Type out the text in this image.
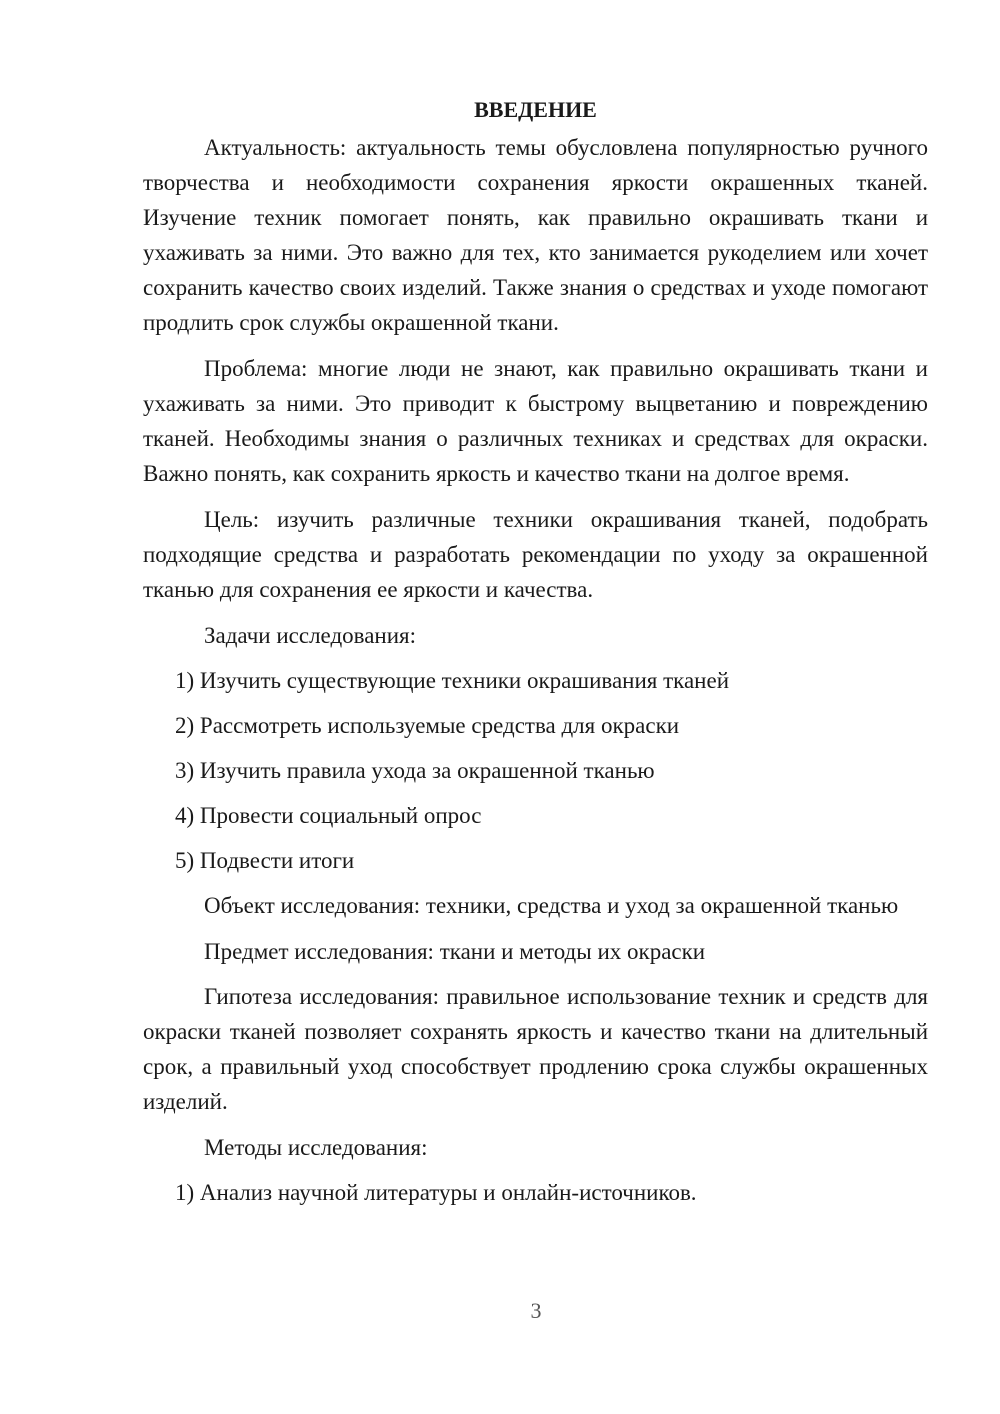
ВВЕДЕНИЕ

Актуальность: актуальность темы обусловлена популярностью ручного творчества и необходимости сохранения яркости окрашенных тканей. Изучение техник помогает понять, как правильно окрашивать ткани и ухаживать за ними. Это важно для тех, кто занимается рукоделием или хочет сохранить качество своих изделий. Также знания о средствах и уходе помогают продлить срок службы окрашенной ткани.

Проблема: многие люди не знают, как правильно окрашивать ткани и ухаживать за ними. Это приводит к быстрому выцветанию и повреждению тканей. Необходимы знания о различных техниках и средствах для окраски. Важно понять, как сохранить яркость и качество ткани на долгое время.

Цель: изучить различные техники окрашивания тканей, подобрать подходящие средства и разработать рекомендации по уходу за окрашенной тканью для сохранения ее яркости и качества.

Задачи исследования:

1) Изучить существующие техники окрашивания тканей

2) Рассмотреть используемые средства для окраски

3) Изучить правила ухода за окрашенной тканью

4) Провести социальный опрос

5) Подвести итоги

Объект исследования: техники, средства и уход за окрашенной тканью

Предмет исследования: ткани и методы их окраски

Гипотеза исследования: правильное использование техник и средств для окраски тканей позволяет сохранять яркость и качество ткани на длительный срок, а правильный уход способствует продлению срока службы окрашенных изделий.

Методы исследования:

1) Анализ научной литературы и онлайн-источников.

3
